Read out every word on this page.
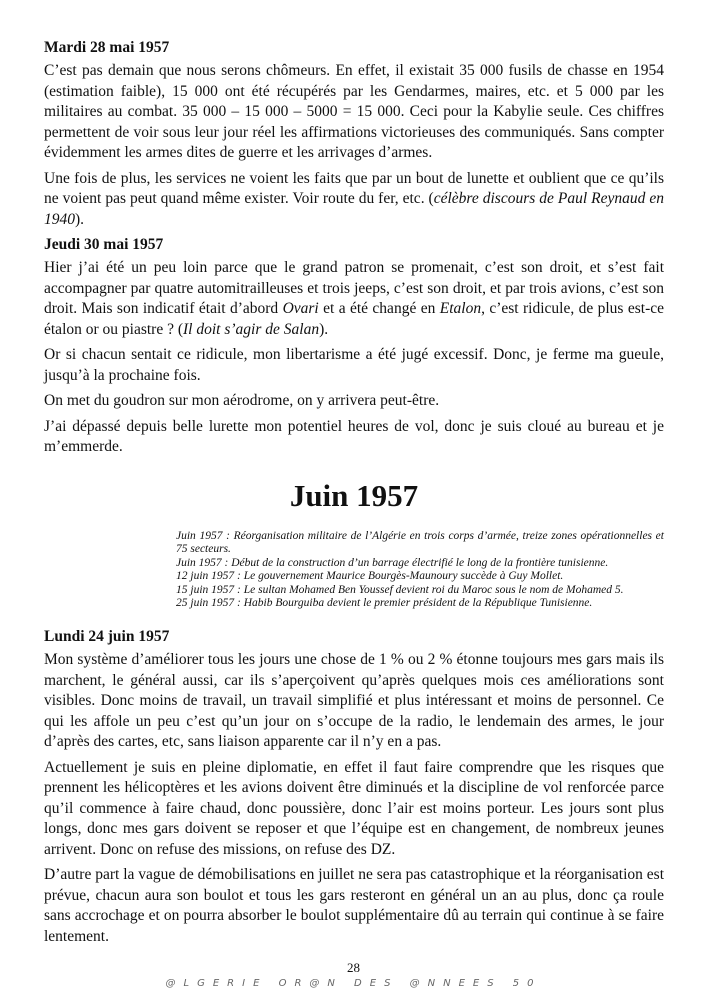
Mardi 28 mai 1957

C’est pas demain que nous serons chômeurs. En effet, il existait 35 000 fusils de chasse en 1954 (estimation faible), 15 000 ont été récupérés par les Gendarmes, maires, etc. et 5 000 par les militaires au combat. 35 000 – 15 000 – 5000 = 15 000. Ceci pour la Kabylie seule. Ces chiffres permettent de voir sous leur jour réel les affirmations victorieuses des communiqués. Sans compter évidemment les armes dites de guerre et les arrivages d’armes.

Une fois de plus, les services ne voient les faits que par un bout de lunette et oublient que ce qu’ils ne voient pas peut quand même exister. Voir route du fer, etc. (célèbre discours de Paul Reynaud en 1940).

Jeudi 30 mai 1957

Hier j’ai été un peu loin parce que le grand patron se promenait, c’est son droit, et s’est fait accompagner par quatre automitrailleuses et trois jeeps, c’est son droit, et par trois avions, c’est son droit. Mais son indicatif était d’abord Ovari et a été changé en Etalon, c’est ridicule, de plus est-ce étalon or ou piastre ? (Il doit s’agir de Salan).

Or si chacun sentait ce ridicule, mon libertarisme a été jugé excessif. Donc, je ferme ma gueule, jusqu’à la prochaine fois.

On met du goudron sur mon aérodrome, on y arrivera peut-être.

J’ai dépassé depuis belle lurette mon potentiel heures de vol, donc je suis cloué au bureau et je m’emmerde.

Juin 1957

Juin 1957 : Réorganisation militaire de l’Algérie en trois corps d’armée, treize zones opérationnelles et 75 secteurs.

Juin 1957 : Début de la construction d’un barrage électrifié le long de la frontière tunisienne.

12 juin 1957 : Le gouvernement Maurice Bourgès-Maunoury succède à Guy Mollet.

15 juin 1957 : Le sultan Mohamed Ben Youssef devient roi du Maroc sous le nom de Mohamed 5.

25 juin 1957 : Habib Bourguiba devient le premier président de la République Tunisienne.

Lundi 24 juin 1957

Mon système d’améliorer tous les jours une chose de 1 % ou 2 % étonne toujours mes gars mais ils marchent, le général aussi, car ils s’aperçoivent qu’après quelques mois ces améliorations sont visibles. Donc moins de travail, un travail simplifié et plus intéressant et moins de personnel. Ce qui les affole un peu c’est qu’un jour on s’occupe de la radio, le lendemain des armes, le jour d’après des cartes, etc, sans liaison apparente car il n’y en a pas.

Actuellement je suis en pleine diplomatie, en effet il faut faire comprendre que les risques que prennent les hélicoptères et les avions doivent être diminués et la discipline de vol renforcée parce qu’il commence à faire chaud, donc poussière, donc l’air est moins porteur. Les jours sont plus longs, donc mes gars doivent se reposer et que l’équipe est en changement, de nombreux jeunes arrivent. Donc on refuse des missions, on refuse des DZ.

D’autre part la vague de démobilisations en juillet ne sera pas catastrophique et la réorganisation est prévue, chacun aura son boulot et tous les gars resteront en général un an au plus, donc ça roule sans accrochage et on pourra absorber le boulot supplémentaire dû au terrain qui continue à se faire lentement.

28
@LGERIE OR@N DES @NNEES 50
